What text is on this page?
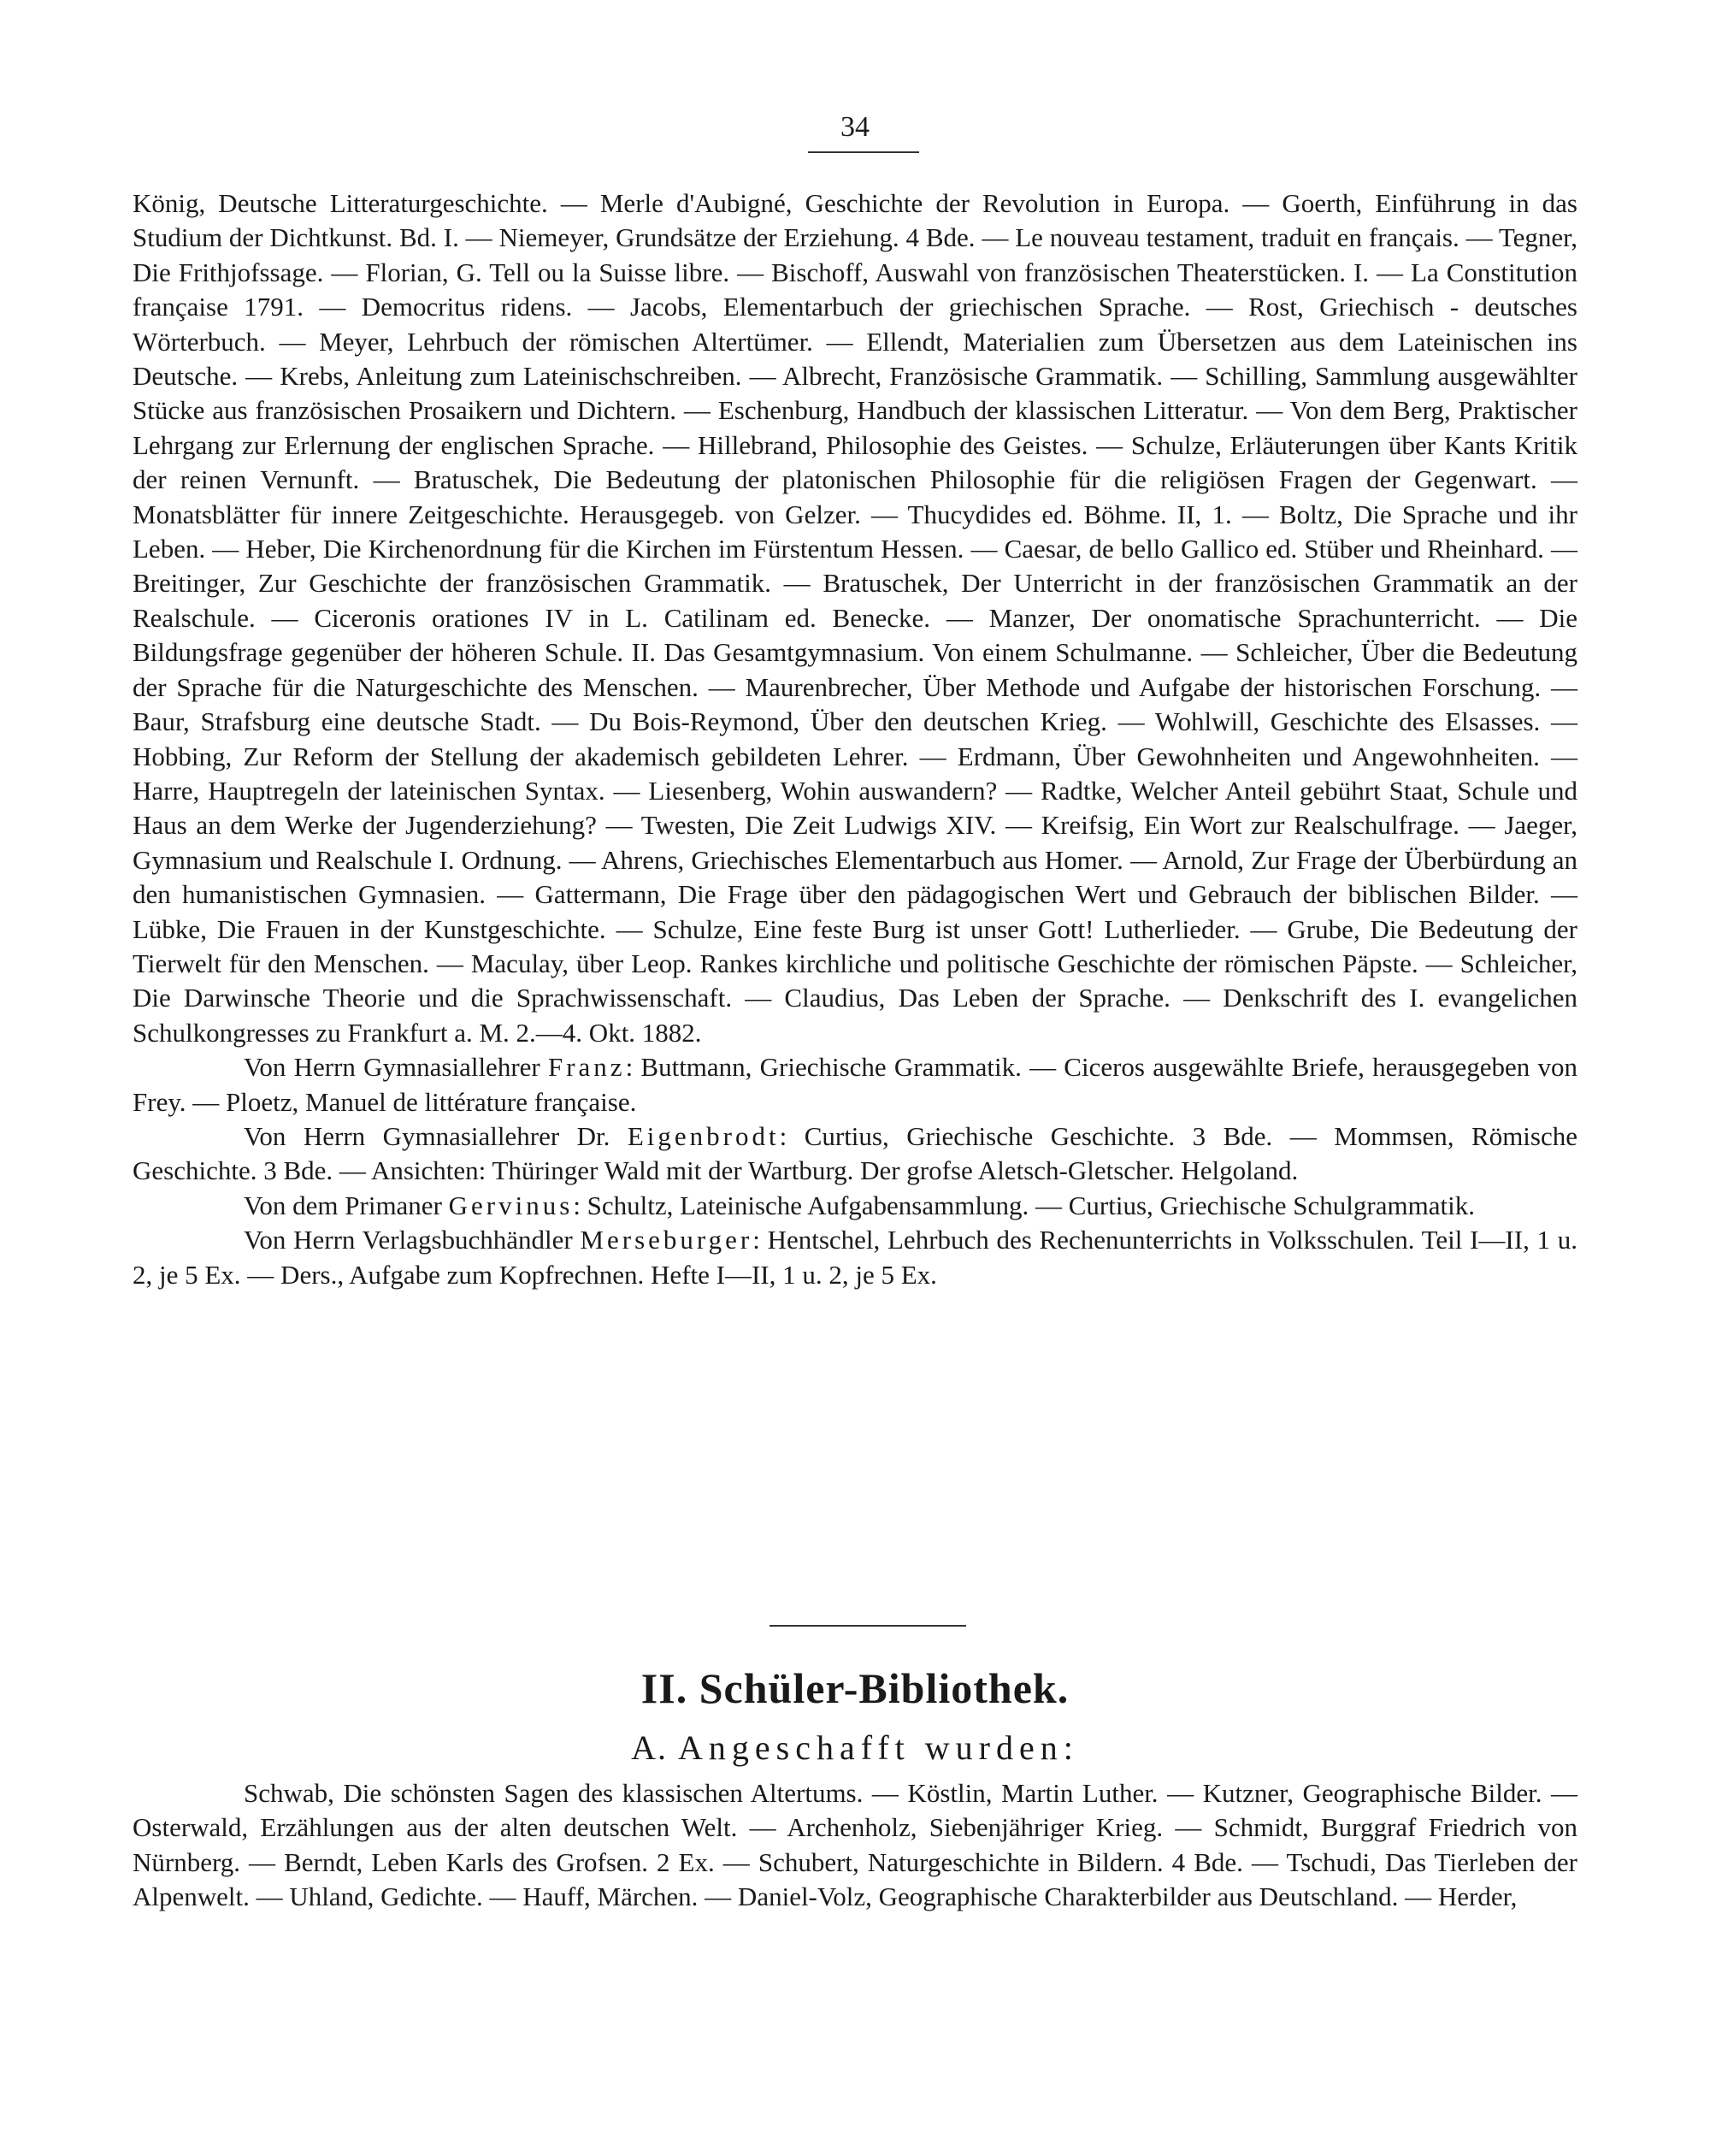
34

König, Deutsche Litteraturgeschichte. — Merle d'Aubigné, Geschichte der Revolution in Europa. — Goerth, Einführung in das Studium der Dichtkunst. Bd. I. — Niemeyer, Grundsätze der Erziehung. 4 Bde. — Le nouveau testament, traduit en français. — Tegner, Die Frithjofssage. — Florian, G. Tell ou la Suisse libre. — Bischoff, Auswahl von französischen Theaterstücken. I. — La Constitution française 1791. — Democritus ridens. — Jacobs, Elementarbuch der griechischen Sprache. — Rost, Griechisch - deutsches Wörterbuch. — Meyer, Lehrbuch der römischen Altertümer. — Ellendt, Materialien zum Übersetzen aus dem Lateinischen ins Deutsche. — Krebs, Anleitung zum Lateinischschreiben. — Albrecht, Französische Grammatik. — Schilling, Sammlung ausgewählter Stücke aus französischen Prosaikern und Dichtern. — Eschenburg, Handbuch der klassischen Litteratur. — Von dem Berg, Praktischer Lehrgang zur Erlernung der englischen Sprache. — Hillebrand, Philosophie des Geistes. — Schulze, Erläuterungen über Kants Kritik der reinen Vernunft. — Bratuschek, Die Bedeutung der platonischen Philosophie für die religiösen Fragen der Gegenwart. — Monatsblätter für innere Zeitgeschichte. Herausgegeb. von Gelzer. — Thucydides ed. Böhme. II, 1. — Boltz, Die Sprache und ihr Leben. — Heber, Die Kirchenordnung für die Kirchen im Fürstentum Hessen. — Caesar, de bello Gallico ed. Stüber und Rheinhard. — Breitinger, Zur Geschichte der französischen Grammatik. — Bratuschek, Der Unterricht in der französischen Grammatik an der Realschule. — Ciceronis orationes IV in L. Catilinam ed. Benecke. — Manzer, Der onomatische Sprachunterricht. — Die Bildungsfrage gegenüber der höheren Schule. II. Das Gesamtgymnasium. Von einem Schulmanne. — Schleicher, Über die Bedeutung der Sprache für die Naturgeschichte des Menschen. — Maurenbrecher, Über Methode und Aufgabe der historischen Forschung. — Baur, Strafsburg eine deutsche Stadt. — Du Bois-Reymond, Über den deutschen Krieg. — Wohlwill, Geschichte des Elsasses. — Hobbing, Zur Reform der Stellung der akademisch gebildeten Lehrer. — Erdmann, Über Gewohnheiten und Angewohnheiten. — Harre, Hauptregeln der lateinischen Syntax. — Liesenberg, Wohin auswandern? — Radtke, Welcher Anteil gebührt Staat, Schule und Haus an dem Werke der Jugenderziehung? — Twesten, Die Zeit Ludwigs XIV. — Kreifsig, Ein Wort zur Realschulfrage. — Jaeger, Gymnasium und Realschule I. Ordnung. — Ahrens, Griechisches Elementarbuch aus Homer. — Arnold, Zur Frage der Überbürdung an den humanistischen Gymnasien. — Gattermann, Die Frage über den pädagogischen Wert und Gebrauch der biblischen Bilder. — Lübke, Die Frauen in der Kunstgeschichte. — Schulze, Eine feste Burg ist unser Gott! Lutherlieder. — Grube, Die Bedeutung der Tierwelt für den Menschen. — Maculay, über Leop. Rankes kirchliche und politische Geschichte der römischen Päpste. — Schleicher, Die Darwinsche Theorie und die Sprachwissenschaft. — Claudius, Das Leben der Sprache. — Denkschrift des I. evangelichen Schulkongresses zu Frankfurt a. M. 2.—4. Okt. 1882.

Von Herrn Gymnasiallehrer Franz: Buttmann, Griechische Grammatik. — Ciceros ausgewählte Briefe, herausgegeben von Frey. — Ploetz, Manuel de littérature française.

Von Herrn Gymnasiallehrer Dr. Eigenbrodt: Curtius, Griechische Geschichte. 3 Bde. — Mommsen, Römische Geschichte. 3 Bde. — Ansichten: Thüringer Wald mit der Wartburg. Der grofse Aletsch-Gletscher. Helgoland.

Von dem Primaner Gervinus: Schultz, Lateinische Aufgabensammlung. — Curtius, Griechische Schulgrammatik.

Von Herrn Verlagsbuchhändler Merseburger: Hentschel, Lehrbuch des Rechenunterrichts in Volksschulen. Teil I—II, 1 u. 2, je 5 Ex. — Ders., Aufgabe zum Kopfrechnen. Hefte I—II, 1 u. 2, je 5 Ex.

II. Schüler-Bibliothek.
A. Angeschafft wurden:

Schwab, Die schönsten Sagen des klassischen Altertums. — Köstlin, Martin Luther. — Kutzner, Geographische Bilder. — Osterwald, Erzählungen aus der alten deutschen Welt. — Archenholz, Siebenjähriger Krieg. — Schmidt, Burggraf Friedrich von Nürnberg. — Berndt, Leben Karls des Grofsen. 2 Ex. — Schubert, Naturgeschichte in Bildern. 4 Bde. — Tschudi, Das Tierleben der Alpenwelt. — Uhland, Gedichte. — Hauff, Märchen. — Daniel-Volz, Geographische Charakterbilder aus Deutschland. — Herder,
